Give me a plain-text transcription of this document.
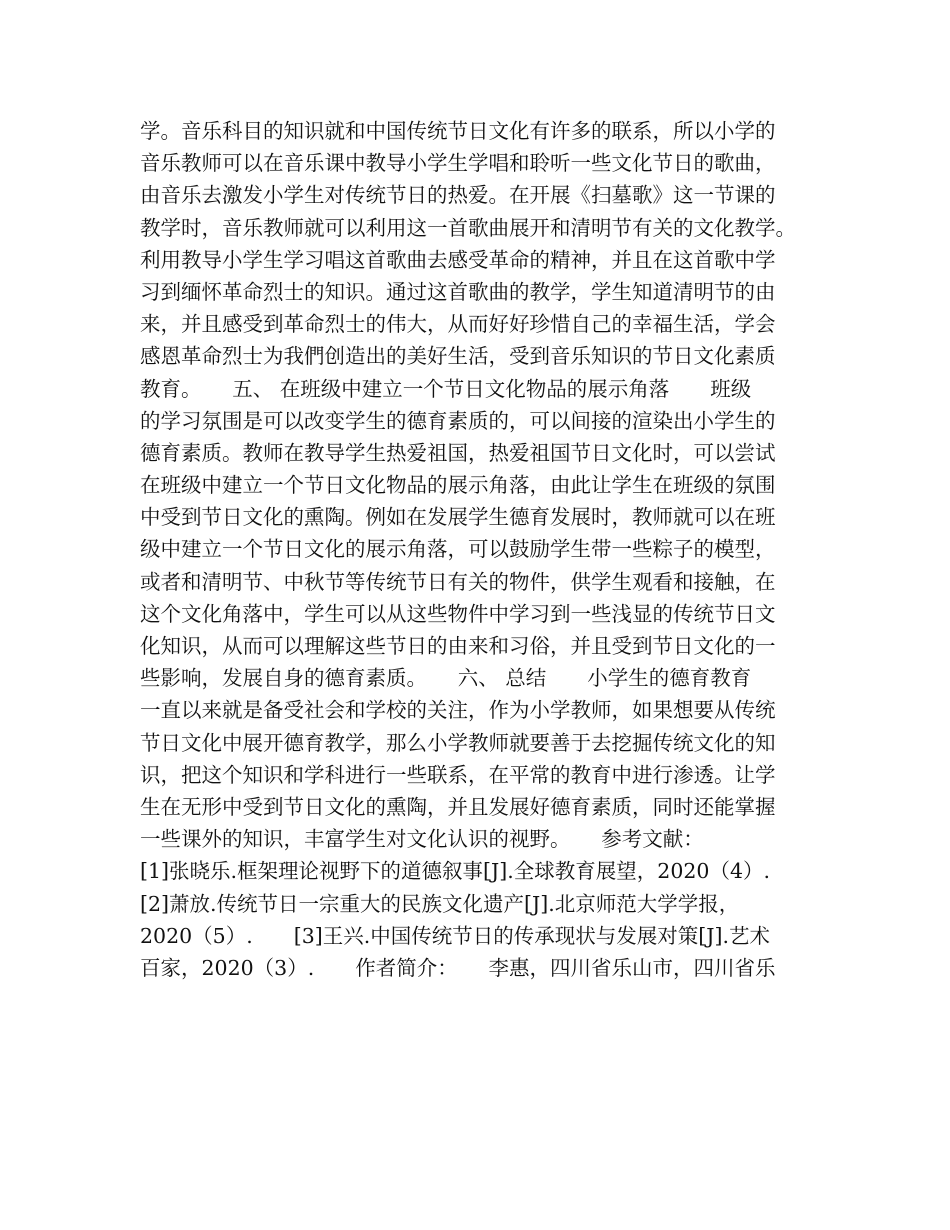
学。音乐科目的知识就和中国传统节日文化有许多的联系，所以小学的
音乐教师可以在音乐课中教导小学生学唱和聆听一些文化节日的歌曲，
由音乐去激发小学生对传统节日的热爱。在开展《扫墓歌》这一节课的
教学时，音乐教师就可以利用这一首歌曲展开和清明节有关的文化教学。
利用教导小学生学习唱这首歌曲去感受革命的精神，并且在这首歌中学
习到缅怀革命烈士的知识。通过这首歌曲的教学，学生知道清明节的由
来，并且感受到革命烈士的伟大，从而好好珍惜自己的幸福生活，学会
感恩革命烈士为我們创造出的美好生活，受到音乐知识的节日文化素质
教育。　　五、 在班级中建立一个节日文化物品的展示角落　　班级
的学习氛围是可以改变学生的德育素质的，可以间接的渲染出小学生的
德育素质。教师在教导学生热爱祖国，热爱祖国节日文化时，可以尝试
在班级中建立一个节日文化物品的展示角落，由此让学生在班级的氛围
中受到节日文化的熏陶。例如在发展学生德育发展时，教师就可以在班
级中建立一个节日文化的展示角落，可以鼓励学生带一些粽子的模型，
或者和清明节、中秋节等传统节日有关的物件，供学生观看和接触，在
这个文化角落中，学生可以从这些物件中学习到一些浅显的传统节日文
化知识，从而可以理解这些节日的由来和习俗，并且受到节日文化的一
些影响，发展自身的德育素质。　　六、 总结　　小学生的德育教育
一直以来就是备受社会和学校的关注，作为小学教师，如果想要从传统
节日文化中展开德育教学，那么小学教师就要善于去挖掘传统文化的知
识，把这个知识和学科进行一些联系，在平常的教育中进行渗透。让学
生在无形中受到节日文化的熏陶，并且发展好德育素质，同时还能掌握
一些课外的知识，丰富学生对文化认识的视野。　　参考文献：
[1]张晓乐.框架理论视野下的道德叙事[J].全球教育展望，2020（4）.
[2]萧放.传统节日一宗重大的民族文化遗产[J].北京师范大学学报，
2020（5）.　　[3]王兴.中国传统节日的传承现状与发展对策[J].艺术
百家，2020（3）.　　作者简介：　　李惠，四川省乐山市，四川省乐
